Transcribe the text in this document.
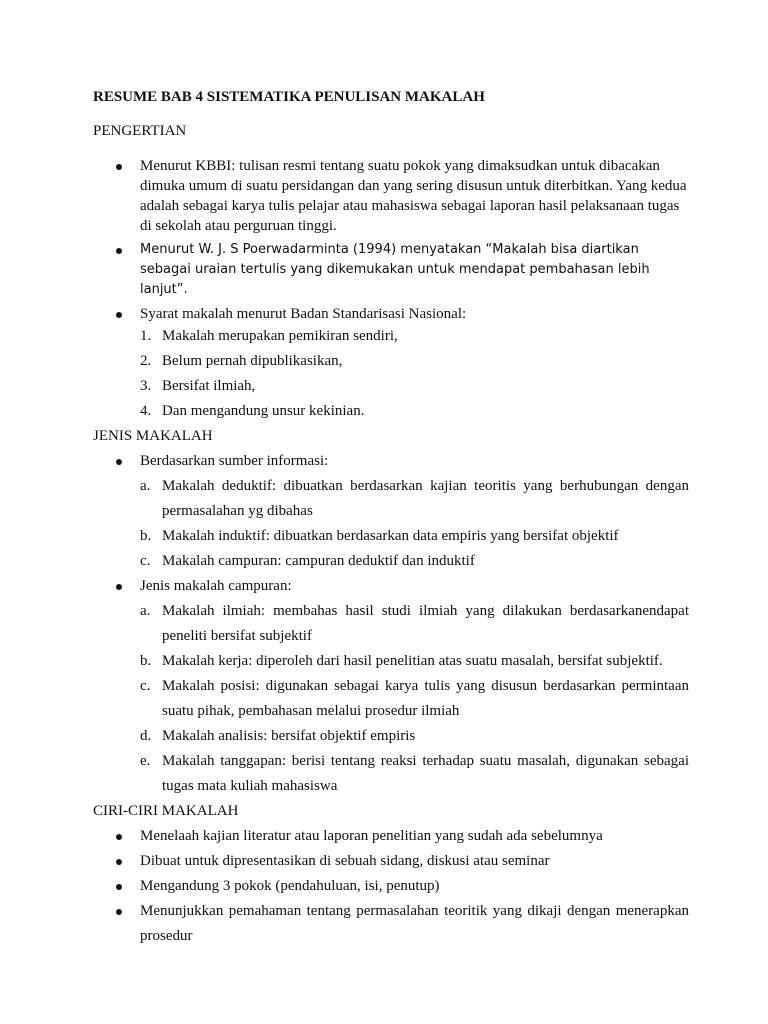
RESUME BAB 4 SISTEMATIKA PENULISAN MAKALAH

PENGERTIAN

Menurut KBBI: tulisan resmi tentang suatu pokok yang dimaksudkan untuk dibacakan dimuka umum di suatu persidangan dan yang sering disusun untuk diterbitkan. Yang kedua adalah sebagai karya tulis pelajar atau mahasiswa sebagai laporan hasil pelaksanaan tugas di sekolah atau perguruan tinggi.
Menurut W. J. S Poerwadarminta (1994) menyatakan “Makalah bisa diartikan sebagai uraian tertulis yang dikemukakan untuk mendapat pembahasan lebih lanjut”.
Syarat makalah menurut Badan Standarisasi Nasional:
1. Makalah merupakan pemikiran sendiri,
2. Belum pernah dipublikasikan,
3. Bersifat ilmiah,
4. Dan mengandung unsur kekinian.

JENIS MAKALAH

Berdasarkan sumber informasi:
a. Makalah deduktif: dibuatkan berdasarkan kajian teoritis yang berhubungan dengan permasalahan yg dibahas
b. Makalah induktif: dibuatkan berdasarkan data empiris yang bersifat objektif
c. Makalah campuran: campuran deduktif dan induktif
Jenis makalah campuran:
a. Makalah ilmiah: membahas hasil studi ilmiah yang dilakukan berdasarkanendapat peneliti bersifat subjektif
b. Makalah kerja: diperoleh dari hasil penelitian atas suatu masalah, bersifat subjektif.
c. Makalah posisi: digunakan sebagai karya tulis yang disusun berdasarkan permintaan suatu pihak, pembahasan melalui prosedur ilmiah
d. Makalah analisis: bersifat objektif empiris
e. Makalah tanggapan: berisi tentang reaksi terhadap suatu masalah, digunakan sebagai tugas mata kuliah mahasiswa

CIRI-CIRI MAKALAH

Menelaah kajian literatur atau laporan penelitian yang sudah ada sebelumnya
Dibuat untuk dipresentasikan di sebuah sidang, diskusi atau seminar
Mengandung 3 pokok (pendahuluan, isi, penutup)
Menunjukkan pemahaman tentang permasalahan teoritik yang dikaji dengan menerapkan prosedur
